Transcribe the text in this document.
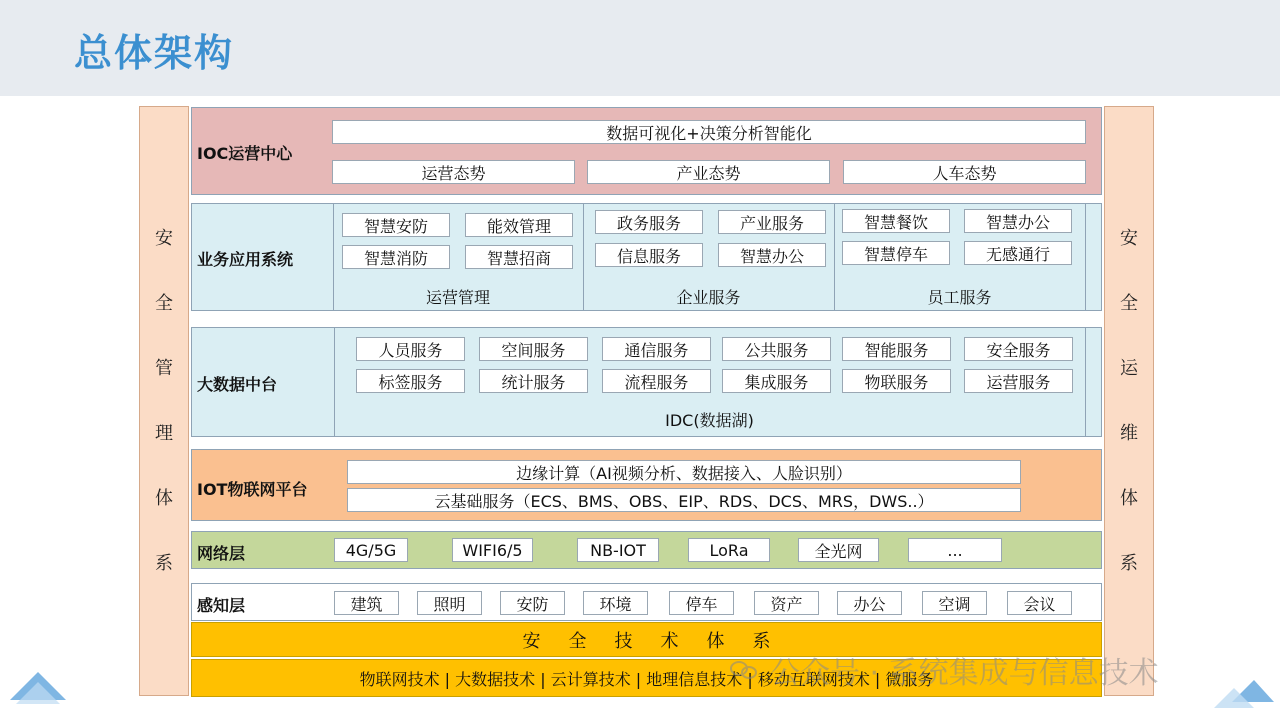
总体架构
安
全
管
理
体
系
安
全
运
维
体
系
IOC运营中心
数据可视化+决策分析智能化
运营态势	产业态势	人车态势
业务应用系统
智慧安防	能效管理
智慧消防	智慧招商
运营管理
政务服务	产业服务
信息服务	智慧办公
企业服务
智慧餐饮	智慧办公
智慧停车	无感通行
员工服务
大数据中台
人员服务	空间服务	通信服务	公共服务	智能服务	安全服务
标签服务	统计服务	流程服务	集成服务	物联服务	运营服务
IDC(数据湖)
IOT物联网平台
边缘计算（AI视频分析、数据接入、人脸识别）
云基础服务（ECS、BMS、OBS、EIP、RDS、DCS、MRS，DWS..）
网络层	4G/5G	WIFI6/5	NB-IOT	LoRa	全光网	...
感知层	建筑	照明	安防	环境	停车	资产	办公	空调	会议
安全技术体系
物联网技术 | 大数据技术 | 云计算技术 | 地理信息技术 | 移动互联网技术 | 微服务
公众号 · 系统集成与信息技术
